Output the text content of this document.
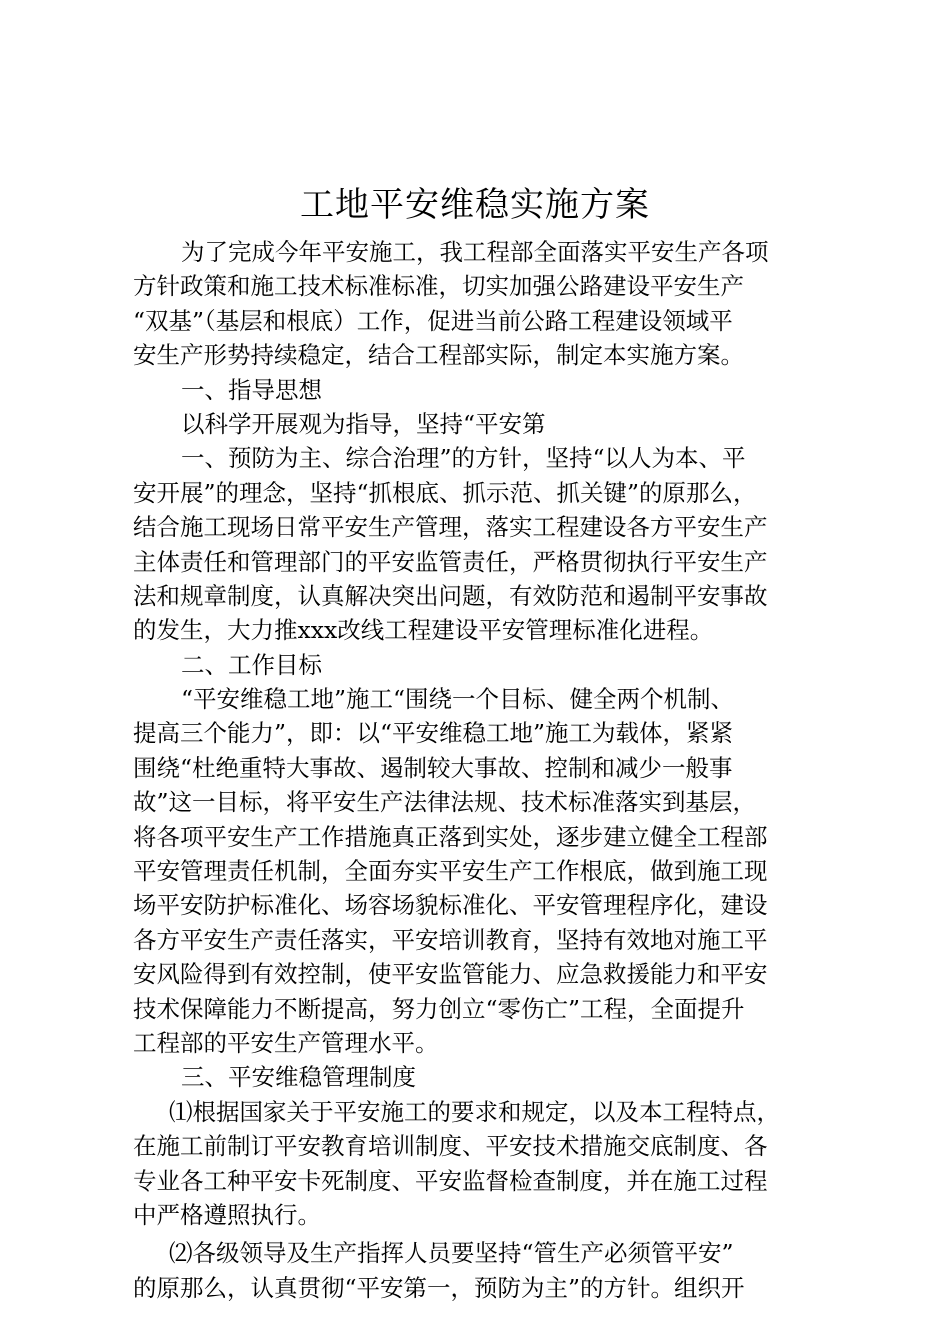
工地平安维稳实施方案
为了完成今年平安施工，我工程部全面落实平安生产各项
方针政策和施工技术标准标准，切实加强公路建设平安生产
“双基”（基层和根底）工作，促进当前公路工程建设领域平
安生产形势持续稳定，结合工程部实际，制定本实施方案。
一、指导思想
以科学开展观为指导，坚持“平安第
一、预防为主、综合治理”的方针，坚持“以人为本、平
安开展”的理念，坚持“抓根底、抓示范、抓关键”的原那么，
结合施工现场日常平安生产管理，落实工程建设各方平安生产
主体责任和管理部门的平安监管责任，严格贯彻执行平安生产
法和规章制度，认真解决突出问题，有效防范和遏制平安事故
的发生，大力推xxx改线工程建设平安管理标准化进程。
二、工作目标
“平安维稳工地”施工“围绕一个目标、健全两个机制、
提高三个能力”，即：以“平安维稳工地”施工为载体，紧紧
围绕“杜绝重特大事故、遏制较大事故、控制和减少一般事
故”这一目标，将平安生产法律法规、技术标准落实到基层，
将各项平安生产工作措施真正落到实处，逐步建立健全工程部
平安管理责任机制，全面夯实平安生产工作根底，做到施工现
场平安防护标准化、场容场貌标准化、平安管理程序化，建设
各方平安生产责任落实，平安培训教育，坚持有效地对施工平
安风险得到有效控制，使平安监管能力、应急救援能力和平安
技术保障能力不断提高，努力创立“零伤亡”工程，全面提升
工程部的平安生产管理水平。
三、平安维稳管理制度
⑴根据国家关于平安施工的要求和规定，以及本工程特点，
在施工前制订平安教育培训制度、平安技术措施交底制度、各
专业各工种平安卡死制度、平安监督检查制度，并在施工过程
中严格遵照执行。
⑵各级领导及生产指挥人员要坚持“管生产必须管平安”
的原那么，认真贯彻“平安第一，预防为主”的方针。组织开
